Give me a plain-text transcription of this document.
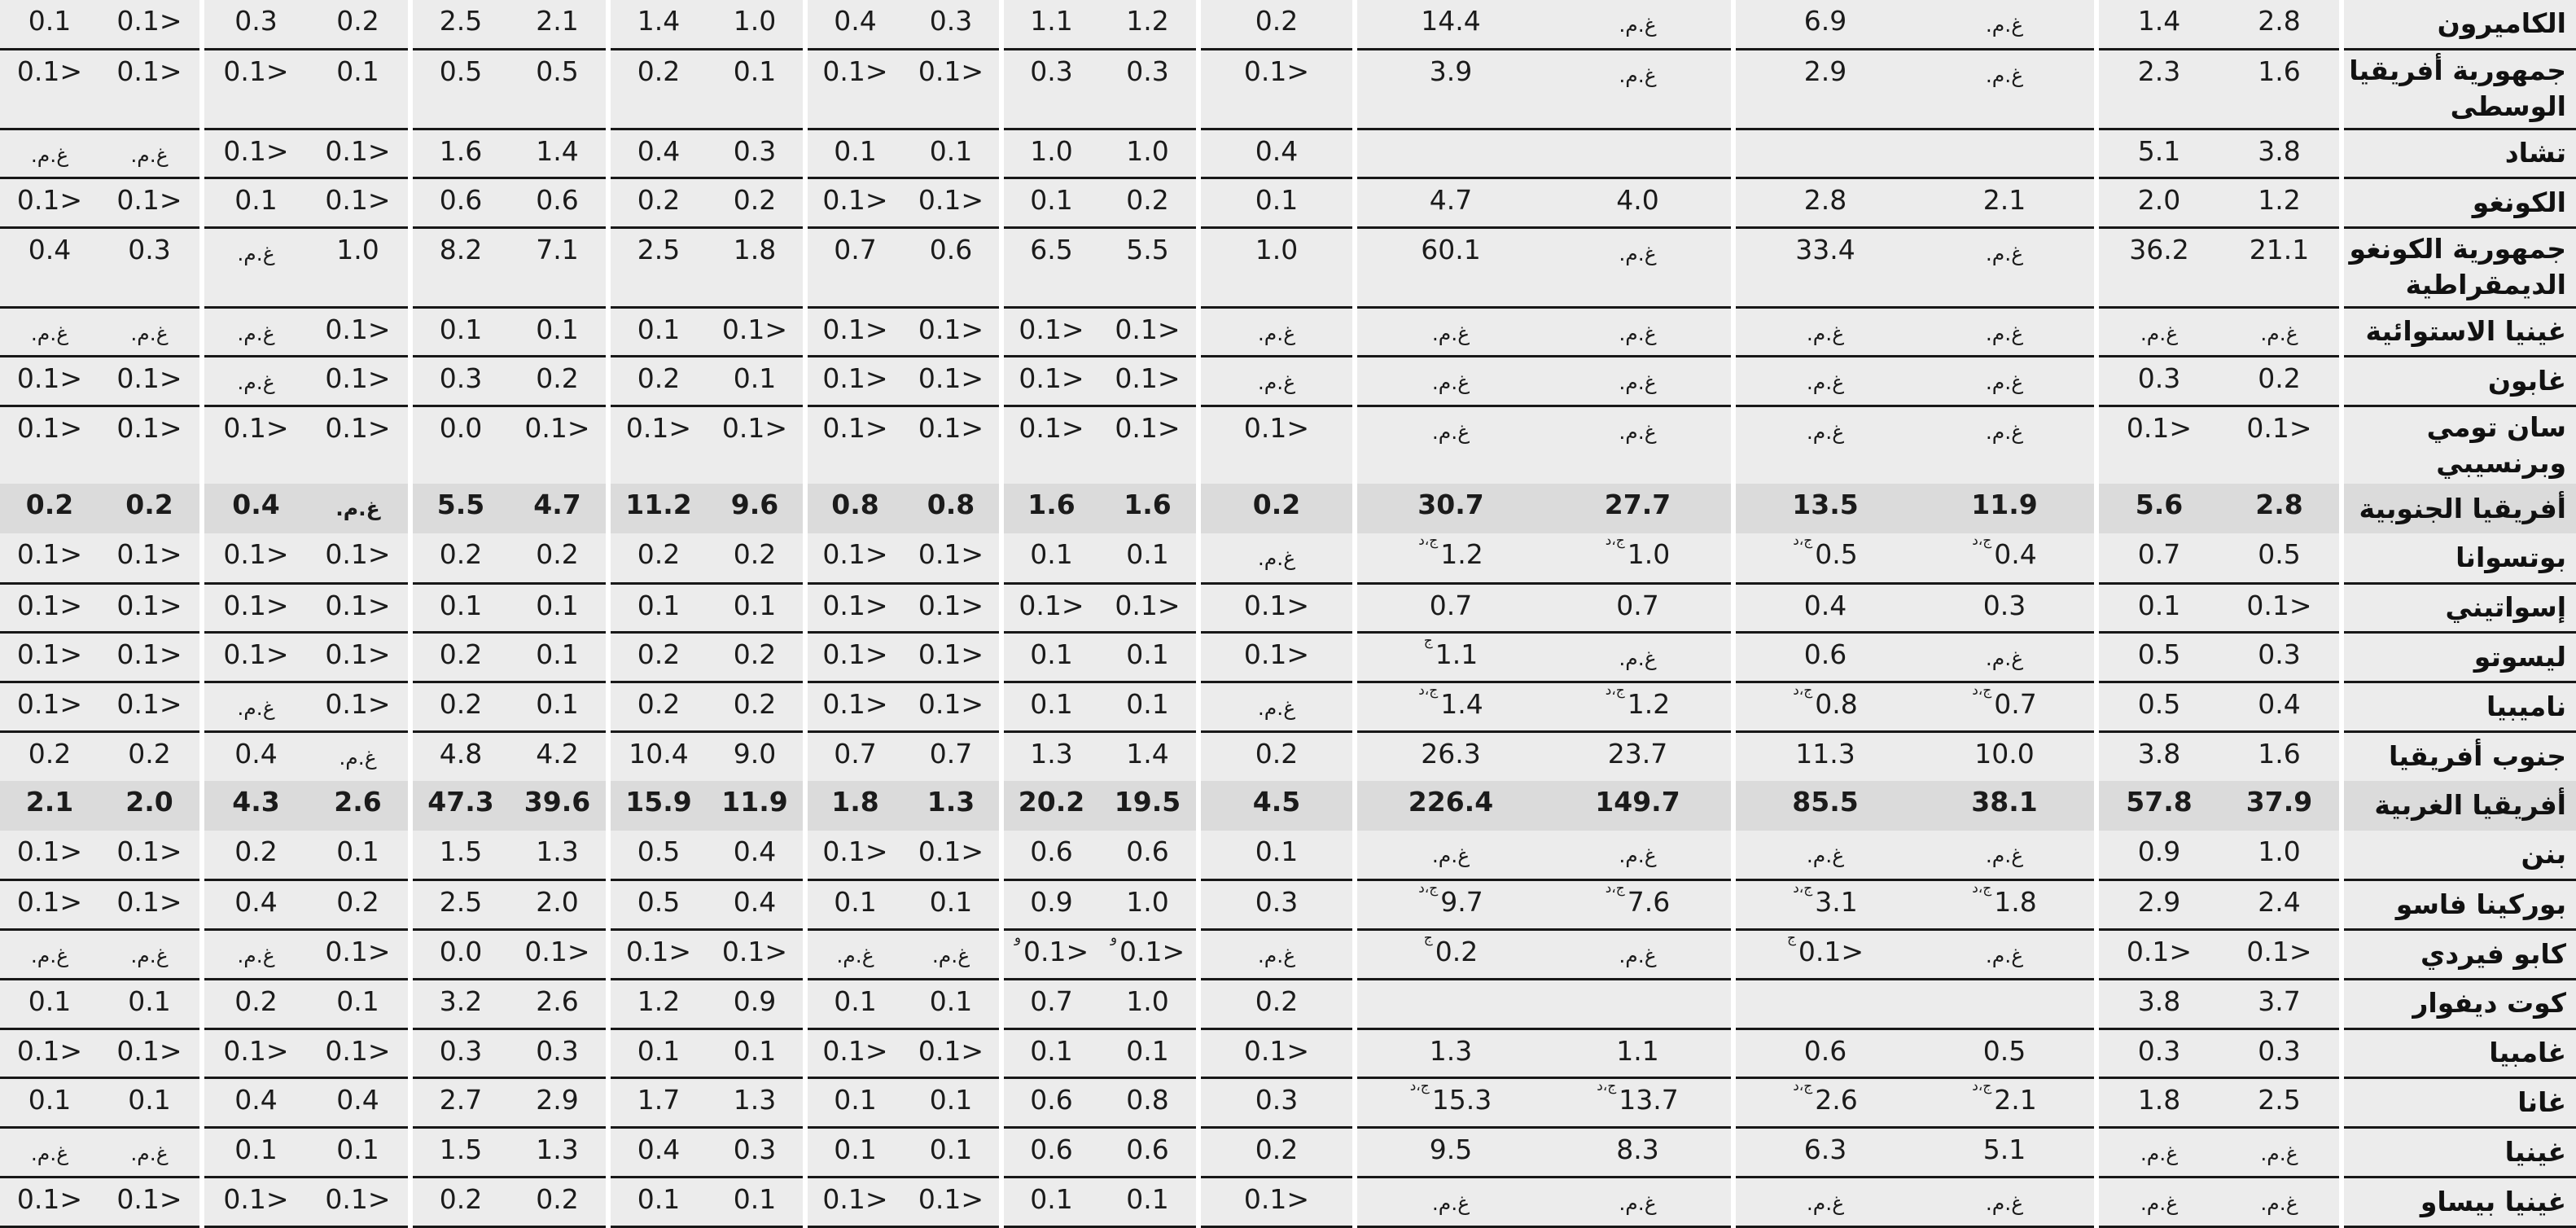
0.1	0.1>		0.3	0.2		2.5	2.1		1.4	1.0		0.4	0.3		1.1	1.2		0.2		14.4	غ.م.		6.9	غ.م.		1.4	2.8		الكاميرون
0.1>	0.1>		0.1>	0.1		0.5	0.5		0.2	0.1		0.1>	0.1>		0.3	0.3		0.1>		3.9	غ.م.		2.9	غ.م.		2.3	1.6		جمهورية أفريقيا الوسطى
غ.م.	غ.م.		0.1>	0.1>		1.6	1.4		0.4	0.3		0.1	0.1		1.0	1.0		0.4								5.1	3.8		تشاد
0.1>	0.1>		0.1	0.1>		0.6	0.6		0.2	0.2		0.1>	0.1>		0.1	0.2		0.1		4.7	4.0		2.8	2.1		2.0	1.2		الكونغو
0.4	0.3		غ.م.	1.0		8.2	7.1		2.5	1.8		0.7	0.6		6.5	5.5		1.0		60.1	غ.م.		33.4	غ.م.		36.2	21.1		جمهورية الكونغو الديمقراطية
غ.م.	غ.م.		غ.م.	0.1>		0.1	0.1		0.1	0.1>		0.1>	0.1>		0.1>	0.1>		غ.م.		غ.م.	غ.م.		غ.م.	غ.م.		غ.م.	غ.م.		غينيا الاستوائية
0.1>	0.1>		غ.م.	0.1>		0.3	0.2		0.2	0.1		0.1>	0.1>		0.1>	0.1>		غ.م.		غ.م.	غ.م.		غ.م.	غ.م.		0.3	0.2		غابون
0.1>	0.1>		0.1>	0.1>		0.0	0.1>		0.1>	0.1>		0.1>	0.1>		0.1>	0.1>		0.1>		غ.م.	غ.م.		غ.م.	غ.م.		0.1>	0.1>		سان تومي وبرنسيبي
0.2	0.2		0.4	غ.م.		5.5	4.7		11.2	9.6		0.8	0.8		1.6	1.6		0.2		30.7	27.7		13.5	11.9		5.6	2.8		أفريقيا الجنوبية
0.1>	0.1>		0.1>	0.1>		0.2	0.2		0.2	0.2		0.1>	0.1>		0.1	0.1		غ.م.		$^{ج،د}$1.2	$^{ج،د}$1.0		$^{ج،د}$0.5	$^{ج،د}$0.4		0.7	0.5		بوتسوانا
0.1>	0.1>		0.1>	0.1>		0.1	0.1		0.1	0.1		0.1>	0.1>		0.1>	0.1>		0.1>		0.7	0.7		0.4	0.3		0.1	0.1>		إسواتيني
0.1>	0.1>		0.1>	0.1>		0.2	0.1		0.2	0.2		0.1>	0.1>		0.1	0.1		0.1>		$^ج$1.1	غ.م.		0.6	غ.م.		0.5	0.3		ليسوتو
0.1>	0.1>		غ.م.	0.1>		0.2	0.1		0.2	0.2		0.1>	0.1>		0.1	0.1		غ.م.		$^{ج،د}$1.4	$^{ج،د}$1.2		$^{ج،د}$0.8	$^{ج،د}$0.7		0.5	0.4		ناميبيا
0.2	0.2		0.4	غ.م.		4.8	4.2		10.4	9.0		0.7	0.7		1.3	1.4		0.2		26.3	23.7		11.3	10.0		3.8	1.6		جنوب أفريقيا
2.1	2.0		4.3	2.6		47.3	39.6		15.9	11.9		1.8	1.3		20.2	19.5		4.5		226.4	149.7		85.5	38.1		57.8	37.9		أفريقيا الغربية
0.1>	0.1>		0.2	0.1		1.5	1.3		0.5	0.4		0.1>	0.1>		0.6	0.6		0.1		غ.م.	غ.م.		غ.م.	غ.م.		0.9	1.0		بنن
0.1>	0.1>		0.4	0.2		2.5	2.0		0.5	0.4		0.1	0.1		0.9	1.0		0.3		$^{ج،د}$9.7	$^{ج،د}$7.6		$^{ج،د}$3.1	$^{ج،د}$1.8		2.9	2.4		بوركينا فاسو
غ.م.	غ.م.		غ.م.	0.1>		0.0	0.1>		0.1>	0.1>		غ.م.	غ.م.		$^و$0.1>	$^و$0.1>		غ.م.		$^ج$0.2	غ.م.		$^ج$0.1>	غ.م.		0.1>	0.1>		كابو فيردي
0.1	0.1		0.2	0.1		3.2	2.6		1.2	0.9		0.1	0.1		0.7	1.0		0.2								3.8	3.7		كوت ديفوار
0.1>	0.1>		0.1>	0.1>		0.3	0.3		0.1	0.1		0.1>	0.1>		0.1	0.1		0.1>		1.3	1.1		0.6	0.5		0.3	0.3		غامبيا
0.1	0.1		0.4	0.4		2.7	2.9		1.7	1.3		0.1	0.1		0.6	0.8		0.3		$^{ج،د}$15.3	$^{ج،د}$13.7		$^{ج،د}$2.6	$^{ج،د}$2.1		1.8	2.5		غانا
غ.م.	غ.م.		0.1	0.1		1.5	1.3		0.4	0.3		0.1	0.1		0.6	0.6		0.2		9.5	8.3		6.3	5.1		غ.م.	غ.م.		غينيا
0.1>	0.1>		0.1>	0.1>		0.2	0.2		0.1	0.1		0.1>	0.1>		0.1	0.1		0.1>		غ.م.	غ.م.		غ.م.	غ.م.		غ.م.	غ.م.		غينيا بيساو
